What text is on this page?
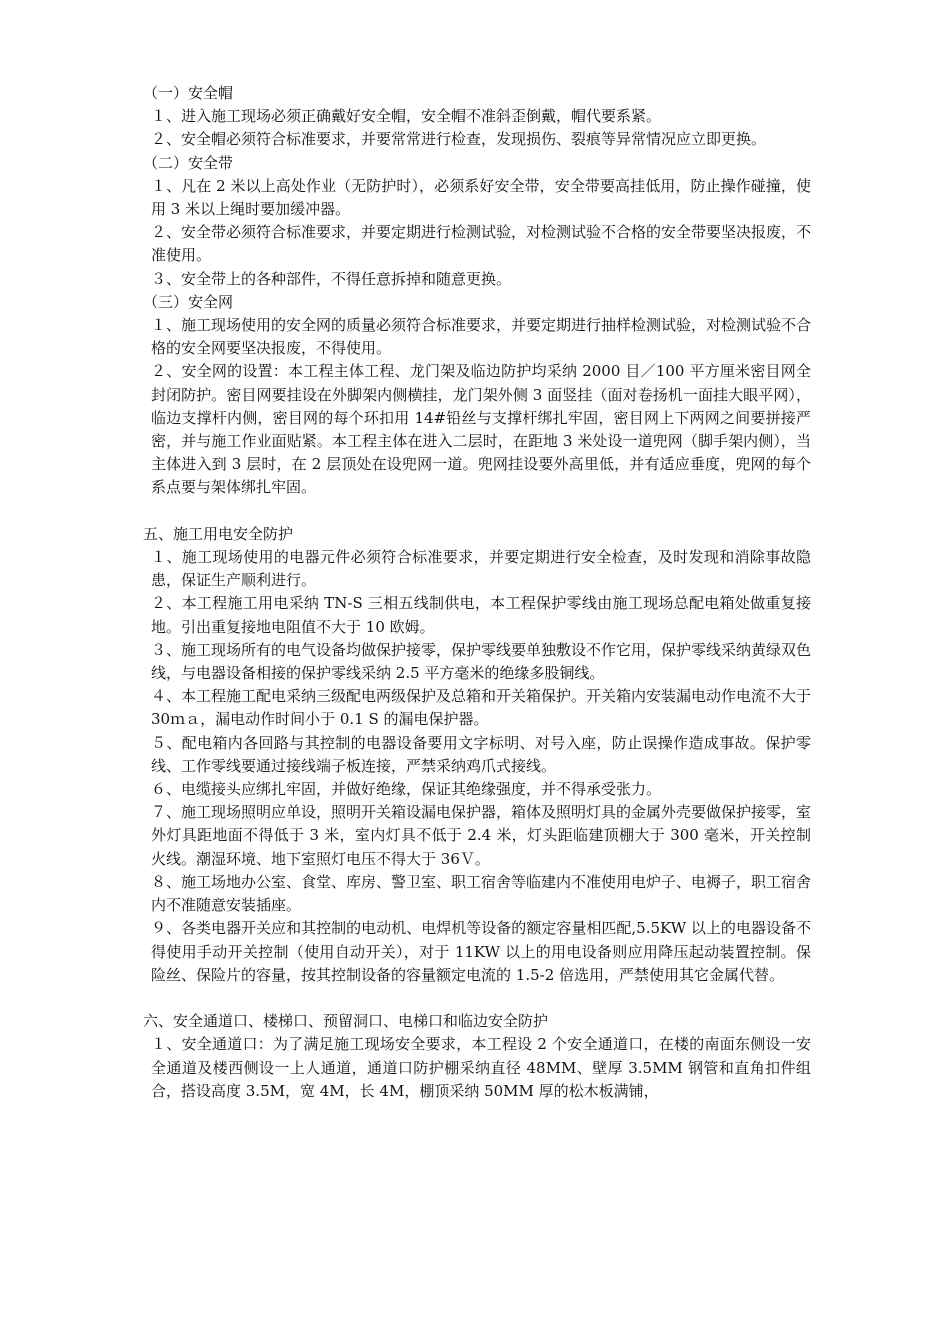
（一）安全帽

１、进入施工现场必须正确戴好安全帽，安全帽不准斜歪倒戴，帽代要系紧。

２、安全帽必须符合标准要求，并要常常进行检查，发现损伤、裂痕等异常情况应立即更换。

（二）安全带

１、凡在 2 米以上高处作业（无防护时），必须系好安全带，安全带要高挂低用，防止操作碰撞，使用 3 米以上绳时要加缓冲器。

２、安全带必须符合标准要求，并要定期进行检测试验，对检测试验不合格的安全带要坚决报废，不准使用。

３、安全带上的各种部件，不得任意拆掉和随意更换。

（三）安全网

１、施工现场使用的安全网的质量必须符合标准要求，并要定期进行抽样检测试验，对检测试验不合格的安全网要坚决报废，不得使用。

２、安全网的设置：本工程主体工程、龙门架及临边防护均采纳 2000 目／100 平方厘米密目网全封闭防护。密目网要挂设在外脚架内侧横挂，龙门架外侧 3 面竖挂（面对卷扬机一面挂大眼平网），临边支撑杆内侧，密目网的每个环扣用 14#铅丝与支撑杆绑扎牢固，密目网上下两网之间要拼接严密，并与施工作业面贴紧。本工程主体在进入二层时，在距地 3 米处设一道兜网（脚手架内侧），当主体进入到 3 层时，在 2 层顶处在设兜网一道。兜网挂设要外高里低，并有适应垂度，兜网的每个系点要与架体绑扎牢固。

五、施工用电安全防护

１、施工现场使用的电器元件必须符合标准要求，并要定期进行安全检查，及时发现和消除事故隐患，保证生产顺利进行。

２、本工程施工用电采纳 TN-S 三相五线制供电，本工程保护零线由施工现场总配电箱处做重复接地。引出重复接地电阻值不大于 10 欧姆。

３、施工现场所有的电气设备均做保护接零，保护零线要单独敷设不作它用，保护零线采纳黄绿双色线，与电器设备相接的保护零线采纳 2.5 平方毫米的绝缘多股铜线。

４、本工程施工配电采纳三级配电两级保护及总箱和开关箱保护。开关箱内安装漏电动作电流不大于 30ｍａ，漏电动作时间小于 0.1 S 的漏电保护器。

５、配电箱内各回路与其控制的电器设备要用文字标明、对号入座，防止误操作造成事故。保护零线、工作零线要通过接线端子板连接，严禁采纳鸡爪式接线。

６、电缆接头应绑扎牢固，并做好绝缘，保证其绝缘强度，并不得承受张力。

７、施工现场照明应单设，照明开关箱设漏电保护器，箱体及照明灯具的金属外壳要做保护接零，室外灯具距地面不得低于 3 米，室内灯具不低于 2.4 米，灯头距临建顶棚大于 300 毫米，开关控制火线。潮湿环境、地下室照灯电压不得大于 36Ｖ。

８、施工场地办公室、食堂、库房、警卫室、职工宿舍等临建内不准使用电炉子、电褥子，职工宿舍内不准随意安装插座。

９、各类电器开关应和其控制的电动机、电焊机等设备的额定容量相匹配,5.5KW 以上的电器设备不得使用手动开关控制（使用自动开关），对于 11KW 以上的用电设备则应用降压起动装置控制。保险丝、保险片的容量，按其控制设备的容量额定电流的 1.5-2 倍选用，严禁使用其它金属代替。

六、安全通道口、楼梯口、预留洞口、电梯口和临边安全防护

１、安全通道口：为了满足施工现场安全要求，本工程设 2 个安全通道口，在楼的南面东侧设一安全通道及楼西侧设一上人通道，通道口防护棚采纳直径 48MM、壁厚 3.5MM 钢管和直角扣件组合，搭设高度 3.5M，宽 4M，长 4M，棚顶采纳 50MM 厚的松木板满铺，
